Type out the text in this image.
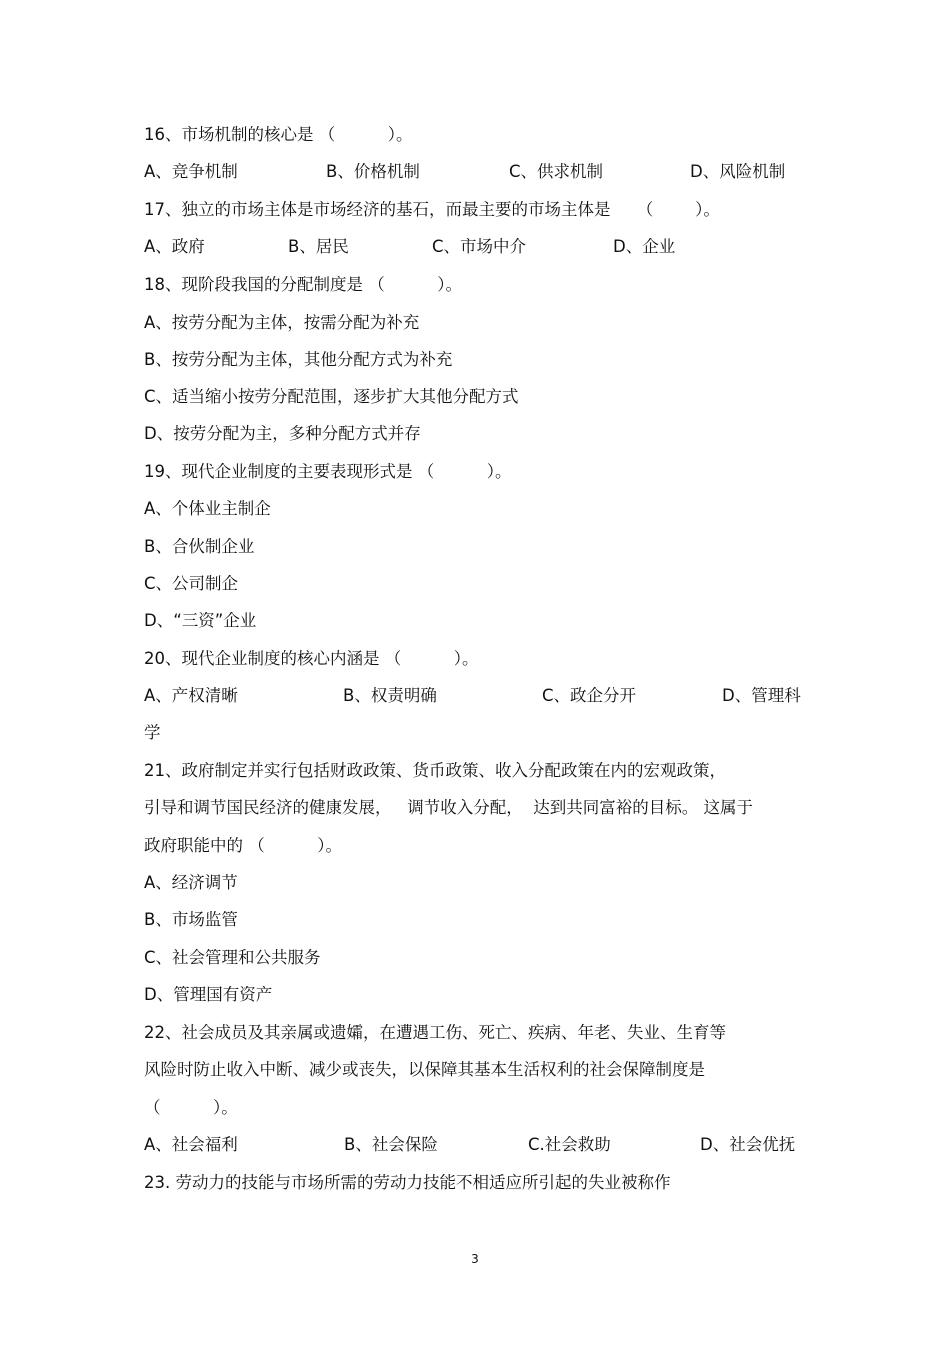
16、市场机制的核心是 （          ）。
A、竞争机制	B、价格机制	C、供求机制	D、风险机制
17、独立的市场主体是市场经济的基石，而最主要的市场主体是     （        ）。
A、政府	B、居民	C、市场中介	D、企业
18、现阶段我国的分配制度是 （          ）。
A、按劳分配为主体，按需分配为补充
B、按劳分配为主体，其他分配方式为补充
C、适当缩小按劳分配范围，逐步扩大其他分配方式
D、按劳分配为主，多种分配方式并存
19、现代企业制度的主要表现形式是 （          ）。
A、个体业主制企
B、合伙制企业
C、公司制企
D、“三资”企业
20、现代企业制度的核心内涵是 （          ）。
A、产权清晰	B、权责明确	C、政企分开	D、管理科
学
21、政府制定并实行包括财政政策、货币政策、收入分配政策在内的宏观政策，
引导和调节国民经济的健康发展，   调节收入分配，  达到共同富裕的目标。 这属于
政府职能中的 （          ）。
A、经济调节
B、市场监管
C、社会管理和公共服务
D、管理国有资产
22、社会成员及其亲属或遗孀，在遭遇工伤、死亡、疾病、年老、失业、生育等
风险时防止收入中断、减少或丧失，以保障其基本生活权利的社会保障制度是
（          ）。
A、社会福利	B、社会保险	C.社会救助	D、社会优抚
23. 劳动力的技能与市场所需的劳动力技能不相适应所引起的失业被称作
3
